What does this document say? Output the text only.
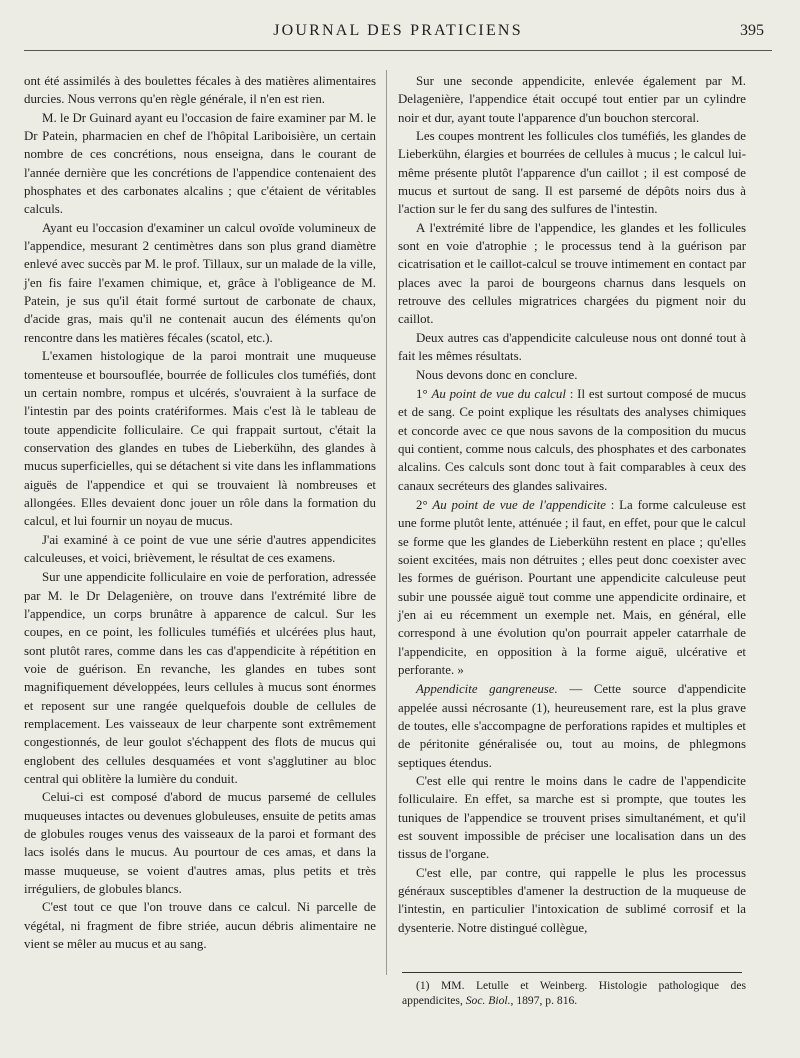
JOURNAL DES PRATICIENS	395

ont été assimilés à des boulettes fécales à des matières alimentaires durcies. Nous verrons qu'en règle générale, il n'en est rien.

M. le Dr Guinard ayant eu l'occasion de faire examiner par M. le Dr Patein, pharmacien en chef de l'hôpital Lariboisière, un certain nombre de ces concrétions, nous enseigna, dans le courant de l'année dernière que les concrétions de l'appendice contenaient des phosphates et des carbonates alcalins ; que c'étaient de véritables calculs.

Ayant eu l'occasion d'examiner un calcul ovoïde volumineux de l'appendice, mesurant 2 centimètres dans son plus grand diamètre enlevé avec succès par M. le prof. Tillaux, sur un malade de la ville, j'en fis faire l'examen chimique, et, grâce à l'obligeance de M. Patein, je sus qu'il était formé surtout de carbonate de chaux, d'acide gras, mais qu'il ne contenait aucun des éléments qu'on rencontre dans les matières fécales (scatol, etc.).

L'examen histologique de la paroi montrait une muqueuse tomenteuse et boursouflée, bourrée de follicules clos tuméfiés, dont un certain nombre, rompus et ulcérés, s'ouvraient à la surface de l'intestin par des points cratériformes. Mais c'est là le tableau de toute appendicite folliculaire. Ce qui frappait surtout, c'était la conservation des glandes en tubes de Lieberkühn, des glandes à mucus superficielles, qui se détachent si vite dans les inflammations aiguës de l'appendice et qui se trouvaient là nombreuses et allongées. Elles devaient donc jouer un rôle dans la formation du calcul, et lui fournir un noyau de mucus.

J'ai examiné à ce point de vue une série d'autres appendicites calculeuses, et voici, brièvement, le résultat de ces examens.

Sur une appendicite folliculaire en voie de perforation, adressée par M. le Dr Delagenière, on trouve dans l'extrémité libre de l'appendice, un corps brunâtre à apparence de calcul. Sur les coupes, en ce point, les follicules tuméfiés et ulcérées plus haut, sont plutôt rares, comme dans les cas d'appendicite à répétition en voie de guérison. En revanche, les glandes en tubes sont magnifiquement développées, leurs cellules à mucus sont énormes et reposent sur une rangée quelquefois double de cellules de remplacement. Les vaisseaux de leur charpente sont extrêmement congestionnés, de leur goulot s'échappent des flots de mucus qui englobent des cellules desquamées et vont s'agglutiner au bloc central qui oblitère la lumière du conduit.

Celui-ci est composé d'abord de mucus parsemé de cellules muqueuses intactes ou devenues globuleuses, ensuite de petits amas de globules rouges venus des vaisseaux de la paroi et formant des lacs isolés dans le mucus. Au pourtour de ces amas, et dans la masse muqueuse, se voient d'autres amas, plus petits et très irréguliers, de globules blancs.

C'est tout ce que l'on trouve dans ce calcul. Ni parcelle de végétal, ni fragment de fibre striée, aucun débris alimentaire ne vient se mêler au mucus et au sang.

Sur une seconde appendicite, enlevée également par M. Delagenière, l'appendice était occupé tout entier par un cylindre noir et dur, ayant toute l'apparence d'un bouchon stercoral.

Les coupes montrent les follicules clos tuméfiés, les glandes de Lieberkühn, élargies et bourrées de cellules à mucus ; le calcul lui-même présente plutôt l'apparence d'un caillot ; il est composé de mucus et surtout de sang. Il est parsemé de dépôts noirs dus à l'action sur le fer du sang des sulfures de l'intestin.

A l'extrémité libre de l'appendice, les glandes et les follicules sont en voie d'atrophie ; le processus tend à la guérison par cicatrisation et le caillot-calcul se trouve intimement en contact par places avec la paroi de bourgeons charnus dans lesquels on retrouve des cellules migratrices chargées du pigment noir du caillot.

Deux autres cas d'appendicite calculeuse nous ont donné tout à fait les mêmes résultats.

Nous devons donc en conclure.

1° Au point de vue du calcul : Il est surtout composé de mucus et de sang. Ce point explique les résultats des analyses chimiques et concorde avec ce que nous savons de la composition du mucus qui contient, comme nous calculs, des phosphates et des carbonates alcalins. Ces calculs sont donc tout à fait comparables à ceux des canaux secréteurs des glandes salivaires.

2° Au point de vue de l'appendicite : La forme calculeuse est une forme plutôt lente, atténuée ; il faut, en effet, pour que le calcul se forme que les glandes de Lieberkühn restent en place ; qu'elles soient excitées, mais non détruites ; elles peut donc coexister avec les formes de guérison. Pourtant une appendicite calculeuse peut subir une poussée aiguë tout comme une appendicite ordinaire, et j'en ai eu récemment un exemple net. Mais, en général, elle correspond à une évolution qu'on pourrait appeler catarrhale de l'appendicite, en opposition à la forme aiguë, ulcérative et perforante. »

Appendicite gangreneuse. — Cette source d'appendicite appelée aussi nécrosante (1), heureusement rare, est la plus grave de toutes, elle s'accompagne de perforations rapides et multiples et de péritonite généralisée ou, tout au moins, de phlegmons septiques étendus.

C'est elle qui rentre le moins dans le cadre de l'appendicite folliculaire. En effet, sa marche est si prompte, que toutes les tuniques de l'appendice se trouvent prises simultanément, et qu'il est souvent impossible de préciser une localisation dans un des tissus de l'organe.

C'est elle, par contre, qui rappelle le plus les processus généraux susceptibles d'amener la destruction de la muqueuse de l'intestin, en particulier l'intoxication de sublimé corrosif et la dysenterie. Notre distingué collègue,

(1) MM. Letulle et Weinberg. Histologie pathologique des appendicites, Soc. Biol., 1897, p. 816.
